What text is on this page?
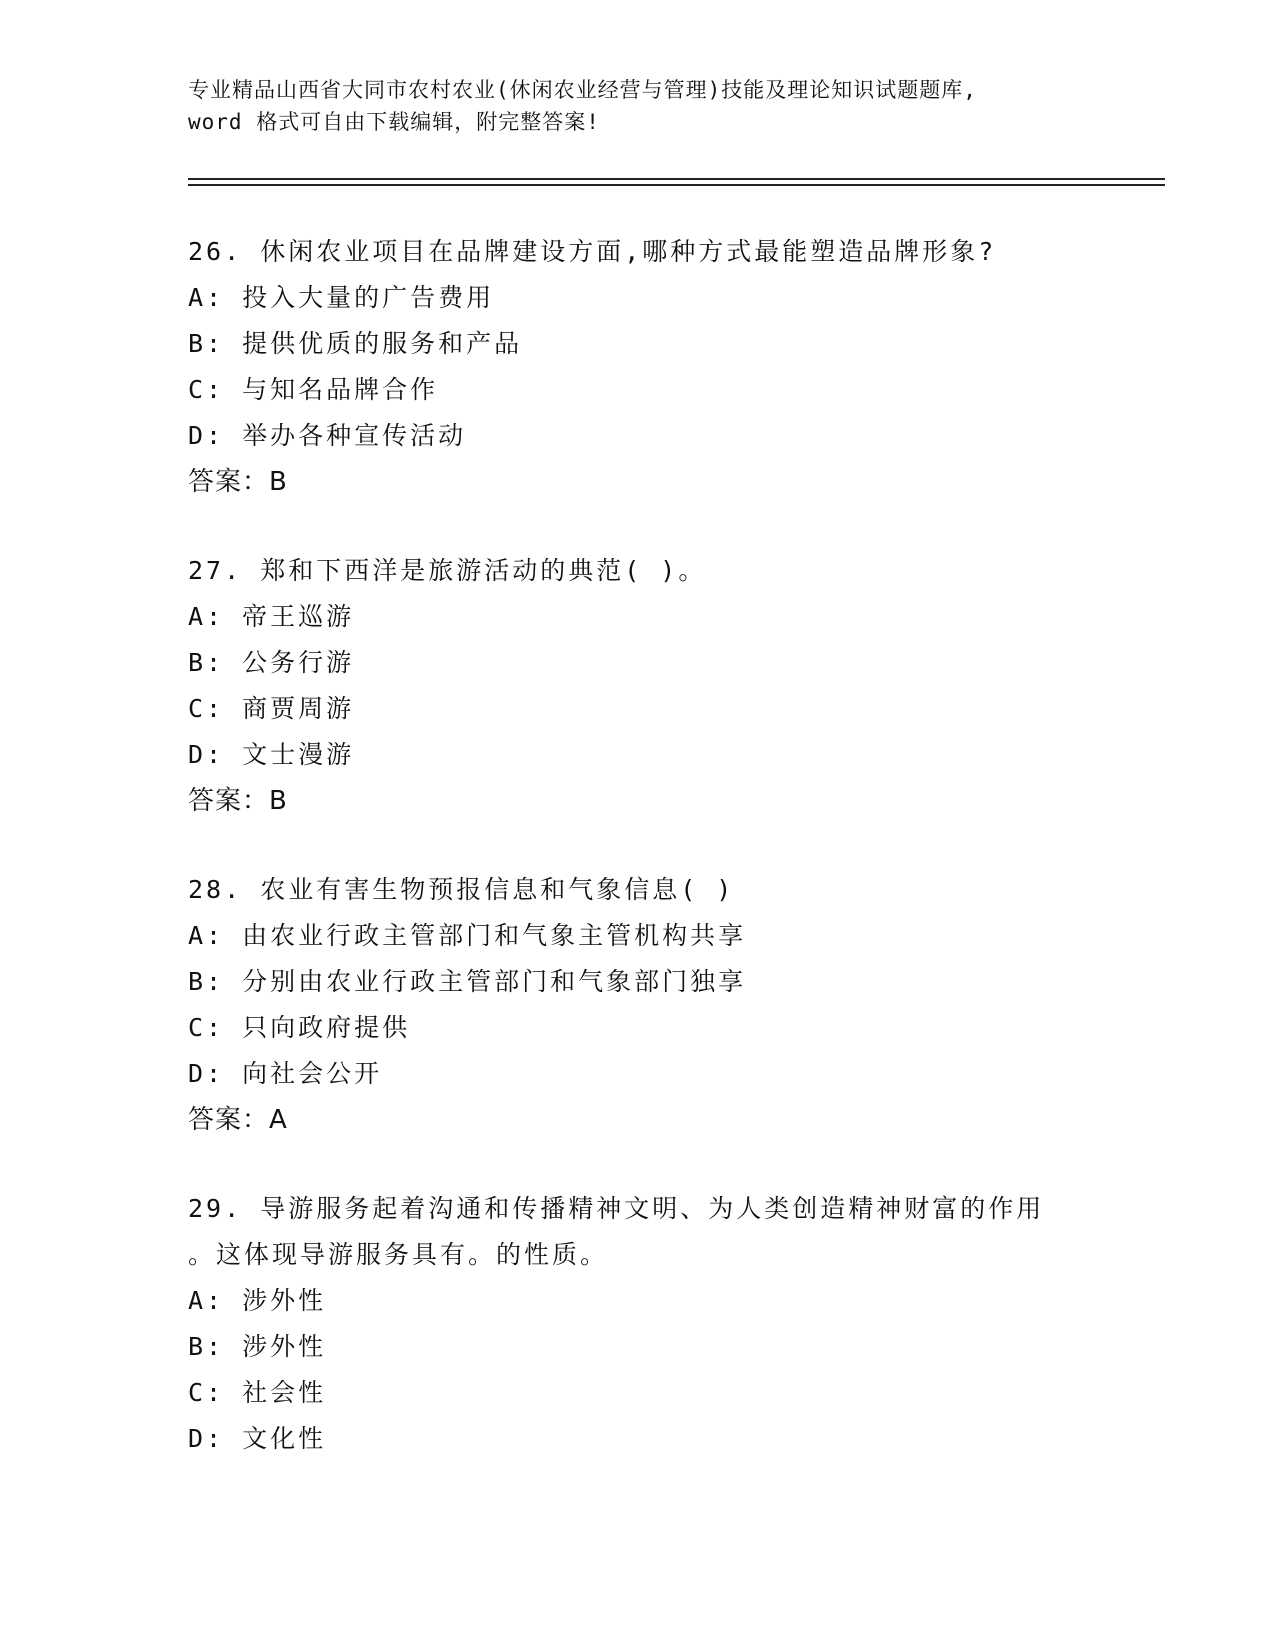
专业精品山西省大同市农村农业(休闲农业经营与管理)技能及理论知识试题题库,
word 格式可自由下载编辑，附完整答案!
26. 休闲农业项目在品牌建设方面,哪种方式最能塑造品牌形象?
A: 投入大量的广告费用
B: 提供优质的服务和产品
C: 与知名品牌合作
D: 举办各种宣传活动
答案：B
27. 郑和下西洋是旅游活动的典范( )。
A: 帝王巡游
B: 公务行游
C: 商贾周游
D: 文士漫游
答案：B
28. 农业有害生物预报信息和气象信息( )
A: 由农业行政主管部门和气象主管机构共享
B: 分别由农业行政主管部门和气象部门独享
C: 只向政府提供
D: 向社会公开
答案：A
29. 导游服务起着沟通和传播精神文明、为人类创造精神财富的作用
。这体现导游服务具有。的性质。
A: 涉外性
B: 涉外性
C: 社会性
D: 文化性
